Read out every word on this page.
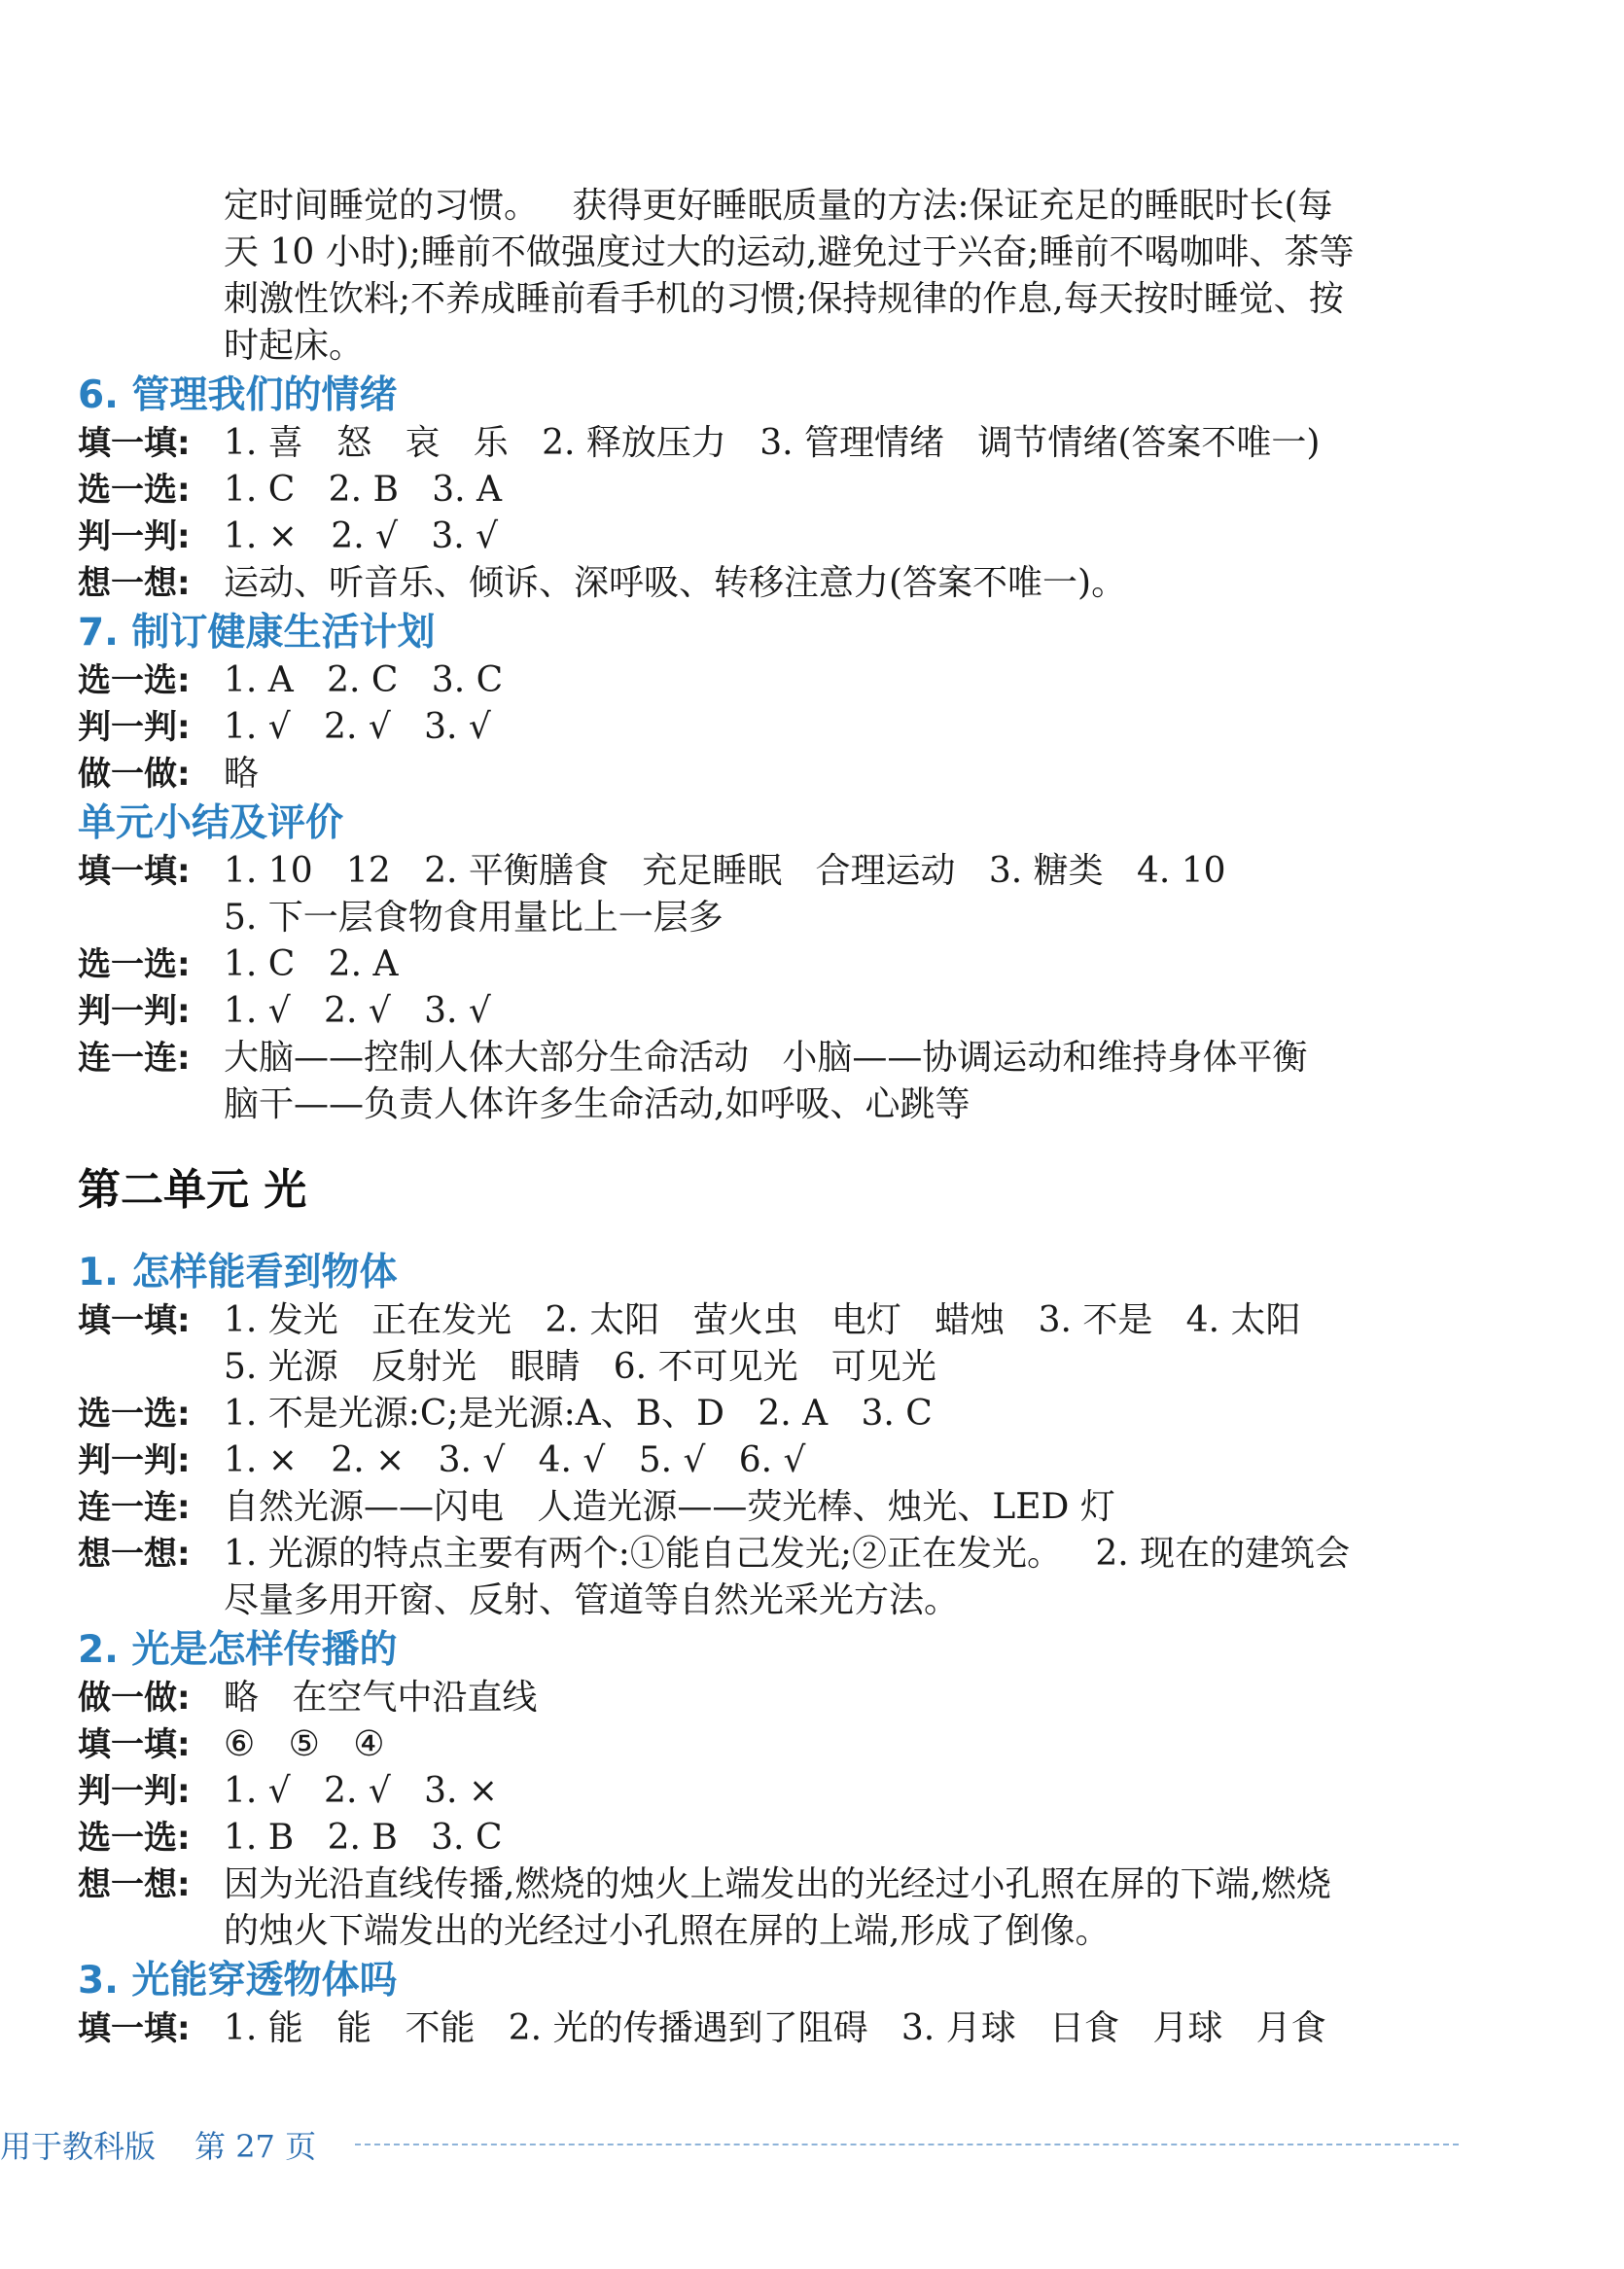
定时间睡觉的习惯。   获得更好睡眠质量的方法:保证充足的睡眠时长(每
天 10 小时);睡前不做强度过大的运动,避免过于兴奋;睡前不喝咖啡、茶等
刺激性饮料;不养成睡前看手机的习惯;保持规律的作息,每天按时睡觉、按
时起床。
6. 管理我们的情绪
填一填: 1. 喜   怒   哀   乐   2. 释放压力   3. 管理情绪   调节情绪(答案不唯一)
选一选: 1. C   2. B   3. A
判一判: 1. ×   2. √   3. √
想一想: 运动、听音乐、倾诉、深呼吸、转移注意力(答案不唯一)。
7. 制订健康生活计划
选一选: 1. A   2. C   3. C
判一判: 1. √   2. √   3. √
做一做: 略
单元小结及评价
填一填: 1. 10   12   2. 平衡膳食   充足睡眠   合理运动   3. 糖类   4. 10
5. 下一层食物食用量比上一层多
选一选: 1. C   2. A
判一判: 1. √   2. √   3. √
连一连: 大脑——控制人体大部分生命活动   小脑——协调运动和维持身体平衡
脑干——负责人体许多生命活动,如呼吸、心跳等
第二单元 光
1. 怎样能看到物体
填一填: 1. 发光   正在发光   2. 太阳   萤火虫   电灯   蜡烛   3. 不是   4. 太阳
5. 光源   反射光   眼睛   6. 不可见光   可见光
选一选: 1. 不是光源:C;是光源:A、B、D   2. A   3. C
判一判: 1. ×   2. ×   3. √   4. √   5. √   6. √
连一连: 自然光源——闪电   人造光源——荧光棒、烛光、LED 灯
想一想: 1. 光源的特点主要有两个:①能自己发光;②正在发光。   2. 现在的建筑会
尽量多用开窗、反射、管道等自然光采光方法。
2. 光是怎样传播的
做一做: 略   在空气中沿直线
填一填: ⑥   ⑤   ④
判一判: 1. √   2. √   3. ×
选一选: 1. B   2. B   3. C
想一想: 因为光沿直线传播,燃烧的烛火上端发出的光经过小孔照在屏的下端,燃烧
的烛火下端发出的光经过小孔照在屏的上端,形成了倒像。
3. 光能穿透物体吗
填一填: 1. 能   能   不能   2. 光的传播遇到了阻碍   3. 月球   日食   月球   月食
用于教科版 第 27 页
